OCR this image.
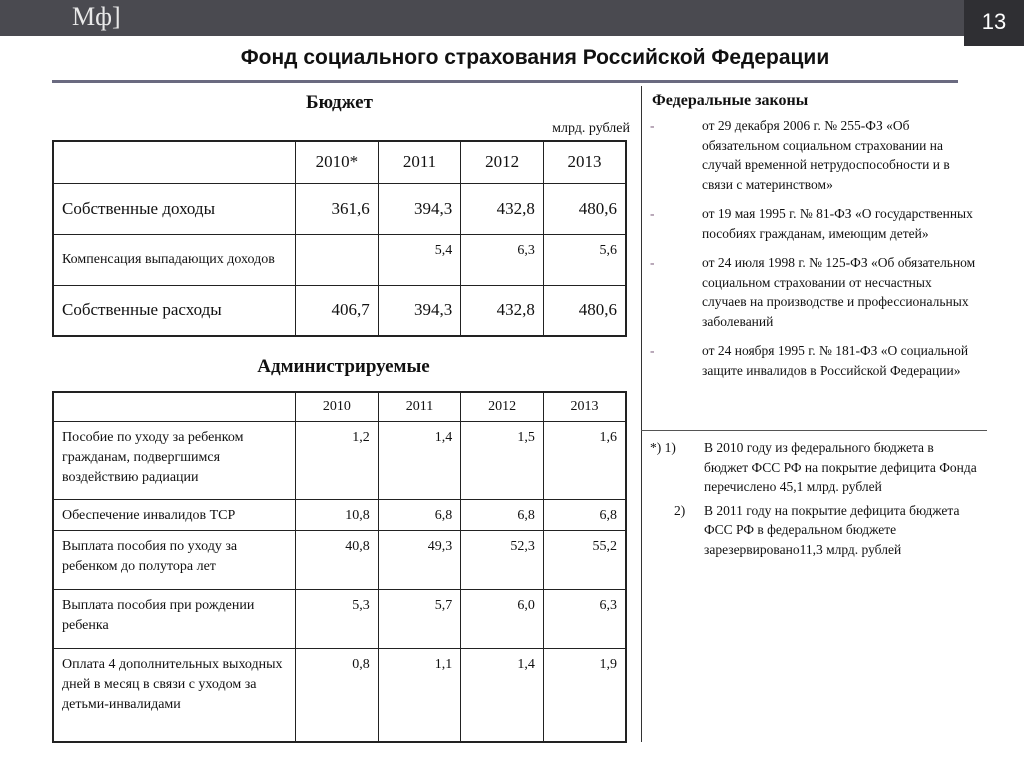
Мф]	13
Фонд социального страхования Российской Федерации
Бюджет
млрд. рублей
	2010*	2011	2012	2013
Собственные доходы	361,6	394,3	432,8	480,6
Компенсация выпадающих доходов		5,4	6,3	5,6
Собственные расходы	406,7	394,3	432,8	480,6
Администрируемые
	2010	2011	2012	2013
Пособие по уходу за ребенком гражданам, подвергшимся воздействию радиации	1,2	1,4	1,5	1,6
Обеспечение инвалидов ТСР	10,8	6,8	6,8	6,8
Выплата пособия по уходу за ребенком до полутора лет	40,8	49,3	52,3	55,2
Выплата пособия при рождении ребенка	5,3	5,7	6,0	6,3
Оплата 4 дополнительных выходных дней в месяц в связи с уходом за детьми-инвалидами	0,8	1,1	1,4	1,9
Федеральные законы
-	от 29 декабря 2006 г. № 255-ФЗ «Об обязательном социальном страховании на случай временной нетрудоспособности и в связи с материнством»
-	от 19 мая 1995 г. № 81-ФЗ «О государственных пособиях гражданам, имеющим детей»
-	от 24 июля 1998 г. № 125-ФЗ «Об обязательном социальном страховании от несчастных случаев на производстве и профессиональных заболеваний
-	от 24 ноября 1995 г. № 181-ФЗ «О социальной защите инвалидов в Российской Федерации»
*) 1) В 2010 году из федерального бюджета в бюджет ФСС РФ на покрытие дефицита Фонда перечислено 45,1 млрд. рублей
2) В 2011 году на покрытие дефицита бюджета ФСС РФ в федеральном бюджете зарезервировано11,3 млрд. рублей
